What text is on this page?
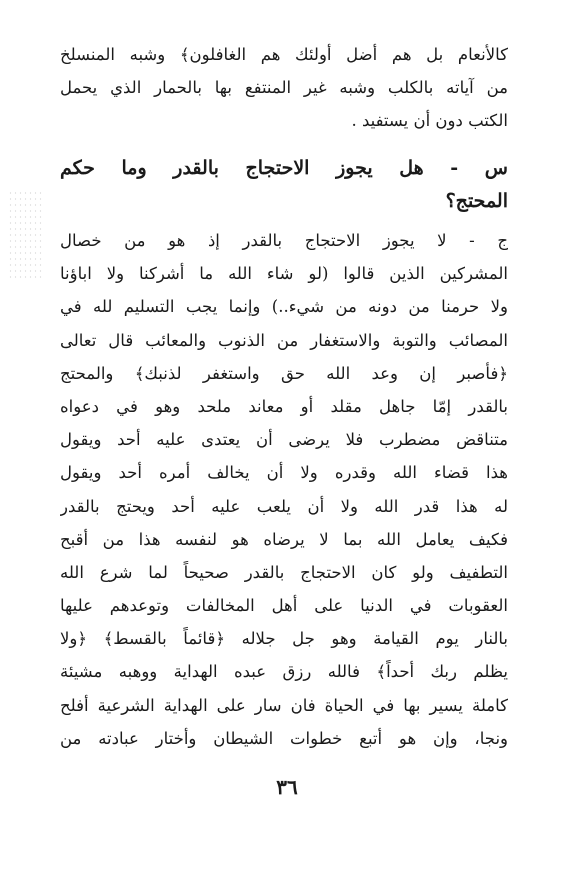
كالأنعام بل هم أضل أولئك هم الغافلون﴾ وشبه المنسلخ
من آياته بالكلب وشبه غير المنتفع بها بالحمار الذي يحمل
الكتب دون أن يستفيد .
س - هل يجوز الاحتجاج بالقدر وما حكم
المحتج؟
ج - لا يجوز الاحتجاج بالقدر إذ هو من خصال
المشركين الذين قالوا (لو شاء الله ما أشركنا ولا اباؤنا
ولا حرمنا من دونه من شيء..) وإنما يجب التسليم لله في
المصائب والتوبة والاستغفار من الذنوب والمعائب قال تعالى
﴿فأصبر إن وعد الله حق واستغفر لذنبك﴾ والمحتج
بالقدر إمّا جاهل مقلد أو معاند ملحد وهو في دعواه
متناقض مضطرب فلا يرضى أن يعتدى عليه أحد ويقول
هذا قضاء الله وقدره ولا أن يخالف أمره أحد ويقول
له هذا قدر الله ولا أن يلعب عليه أحد ويحتج بالقدر
فكيف يعامل الله بما لا يرضاه هو لنفسه هذا من أقبح
التطفيف ولو كان الاحتجاج بالقدر صحيحاً لما شرع الله
العقوبات في الدنيا على أهل المخالفات وتوعدهم عليها
بالنار يوم القيامة وهو جل جلاله ﴿قائماً بالقسط﴾ ﴿ولا
يظلم ربك أحداً﴾ فالله رزق عبده الهداية ووهبه مشيئة
كاملة يسير بها في الحياة فان سار على الهداية الشرعية أفلح
ونجا، وإن هو أتبع خطوات الشيطان وأختار عبادته من
٣٦
